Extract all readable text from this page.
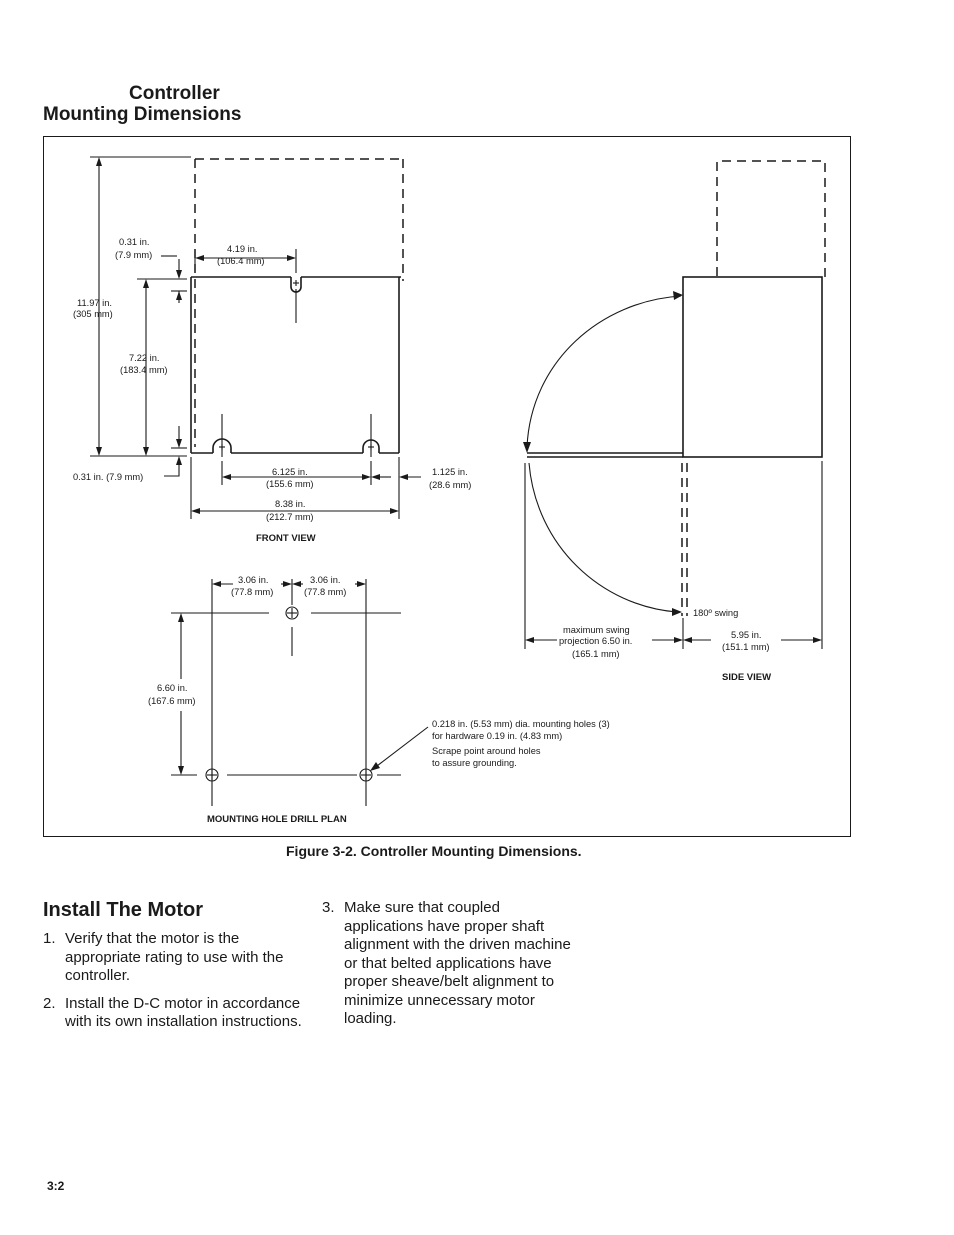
Controller
Mounting Dimensions
0.31 in.
(7.9 mm)
4.19 in.
(106.4 mm)
11.97 in.
(305 mm)
7.22 in.
(183.4 mm)
0.31 in. (7.9 mm)	6.125 in.
(155.6 mm)
1.125 in.
(28.6 mm)
8.38 in.
(212.7 mm)
FRONT VIEW
180º swing
maximum swing
projection 6.50 in.
(165.1 mm)
5.95 in.
(151.1 mm)
SIDE VIEW
3.06 in.
(77.8 mm)
3.06 in.
(77.8 mm)
6.60 in.
(167.6 mm)
0.218 in. (5.53 mm) dia. mounting holes (3)
for hardware 0.19 in. (4.83 mm)
Scrape point around holes
to assure grounding.
MOUNTING HOLE DRILL PLAN
Figure 3-2. Controller Mounting Dimensions.
Install The Motor
1. Verify that the motor is the appropriate rating to use with the controller.
2. Install the D-C motor in accordance with its own installation instructions.
3. Make sure that coupled applications have proper shaft alignment with the driven machine or that belted applications have proper sheave/belt alignment to minimize unnecessary motor loading.
3:2
